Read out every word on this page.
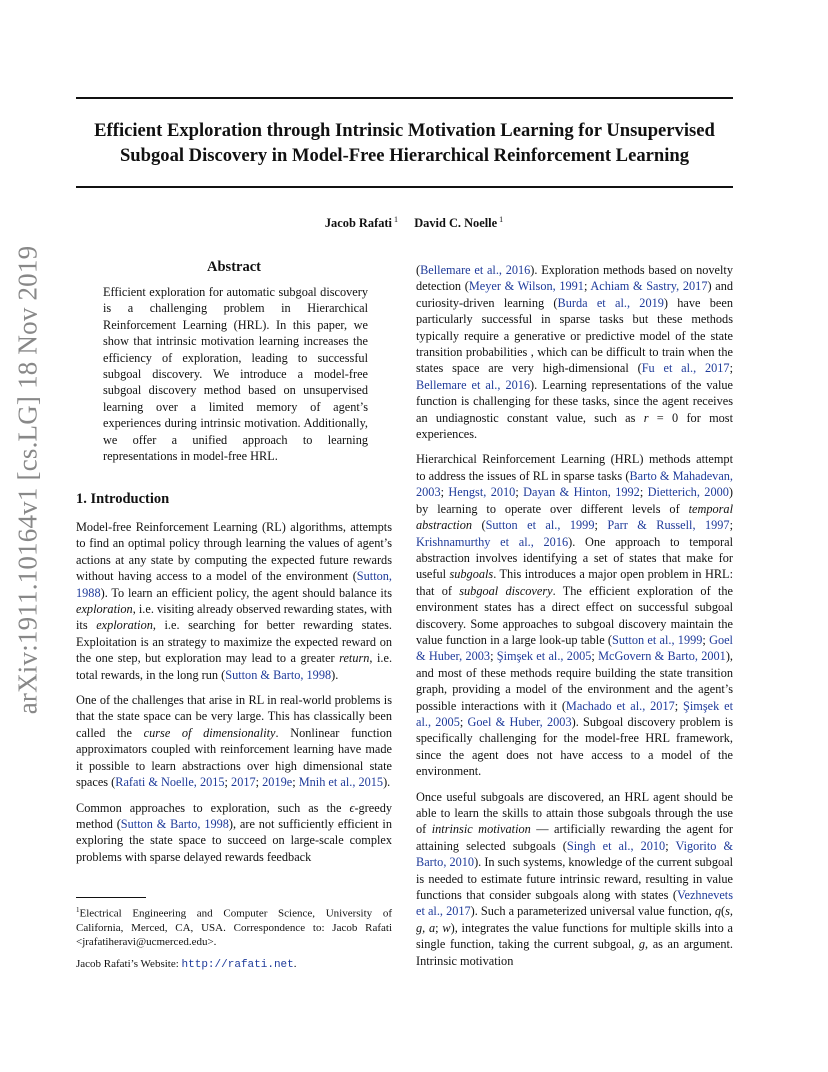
Efficient Exploration through Intrinsic Motivation Learning for Unsupervised Subgoal Discovery in Model-Free Hierarchical Reinforcement Learning
Jacob Rafati $^1$ David C. Noelle $^1$
arXiv:1911.10164v1 [cs.LG] 18 Nov 2019	Abstract
Efficient exploration for automatic subgoal discovery is a challenging problem in Hierarchical Reinforcement Learning (HRL). In this paper, we show that intrinsic motivation learning increases the efficiency of exploration, leading to successful subgoal discovery. We introduce a model-free subgoal discovery method based on unsupervised learning over a limited memory of agent’s experiences during intrinsic motivation. Additionally, we offer a unified approach to learning representations in model-free HRL.
1. Introduction

Model-free Reinforcement Learning (RL) algorithms, attempts to find an optimal policy through learning the values of agent’s actions at any state by computing the expected future rewards without having access to a model of the environment (Sutton, 1988). To learn an efficient policy, the agent should balance its exploration, i.e. visiting already observed rewarding states, with its exploration, i.e. searching for better rewarding states. Exploitation is an strategy to maximize the expected reward on the one step, but exploration may lead to a greater return, i.e. total rewards, in the long run (Sutton & Barto, 1998).

One of the challenges that arise in RL in real-world problems is that the state space can be very large. This has classically been called the curse of dimensionality. Nonlinear function approximators coupled with reinforcement learning have made it possible to learn abstractions over high dimensional state spaces (Rafati & Noelle, 2015; 2017; 2019e; Mnih et al., 2015).

Common approaches to exploration, such as the ϵ-greedy method (Sutton & Barto, 1998), are not sufficiently efficient in exploring the state space to succeed on large-scale complex problems with sparse delayed rewards feedback

$^1$Electrical Engineering and Computer Science, University of California, Merced, CA, USA. Correspondence to: Jacob Rafati <jrafatiheravi@ucmerced.edu>.
Jacob Rafati’s Website: http://rafati.net.

(Bellemare et al., 2016). Exploration methods based on novelty detection (Meyer & Wilson, 1991; Achiam & Sastry, 2017) and curiosity-driven learning (Burda et al., 2019) have been particularly successful in sparse tasks but these methods typically require a generative or predictive model of the state transition probabilities , which can be difficult to train when the states space are very high-dimensional (Fu et al., 2017; Bellemare et al., 2016). Learning representations of the value function is challenging for these tasks, since the agent receives an undiagnostic constant value, such as r = 0 for most experiences.

Hierarchical Reinforcement Learning (HRL) methods attempt to address the issues of RL in sparse tasks (Barto & Mahadevan, 2003; Hengst, 2010; Dayan & Hinton, 1992; Dietterich, 2000) by learning to operate over different levels of temporal abstraction (Sutton et al., 1999; Parr & Russell, 1997; Krishnamurthy et al., 2016). One approach to temporal abstraction involves identifying a set of states that make for useful subgoals. This introduces a major open problem in HRL: that of subgoal discovery. The efficient exploration of the environment states has a direct effect on successful subgoal discovery. Some approaches to subgoal discovery maintain the value function in a large look-up table (Sutton et al., 1999; Goel & Huber, 2003; Şimşek et al., 2005; McGovern & Barto, 2001), and most of these methods require building the state transition graph, providing a model of the environment and the agent’s possible interactions with it (Machado et al., 2017; Şimşek et al., 2005; Goel & Huber, 2003). Subgoal discovery problem is specifically challenging for the model-free HRL framework, since the agent does not have access to a model of the environment.

Once useful subgoals are discovered, an HRL agent should be able to learn the skills to attain those subgoals through the use of intrinsic motivation — artificially rewarding the agent for attaining selected subgoals (Singh et al., 2010; Vigorito & Barto, 2010). In such systems, knowledge of the current subgoal is needed to estimate future intrinsic reward, resulting in value functions that consider subgoals along with states (Vezhnevets et al., 2017). Such a parameterized universal value function, q(s, g, a; w), integrates the value functions for multiple skills into a single function, taking the current subgoal, g, as an argument. Intrinsic motivation
